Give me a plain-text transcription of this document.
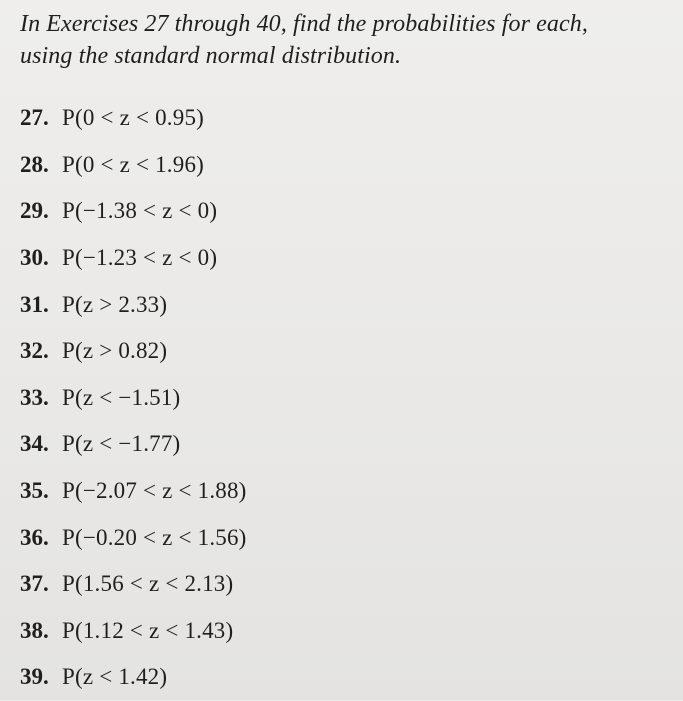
In Exercises 27 through 40, find the probabilities for each,
using the standard normal distribution.

27. P(0 < z < 0.95)
28. P(0 < z < 1.96)
29. P(−1.38 < z < 0)
30. P(−1.23 < z < 0)
31. P(z > 2.33)
32. P(z > 0.82)
33. P(z < −1.51)
34. P(z < −1.77)
35. P(−2.07 < z < 1.88)
36. P(−0.20 < z < 1.56)
37. P(1.56 < z < 2.13)
38. P(1.12 < z < 1.43)
39. P(z < 1.42)
